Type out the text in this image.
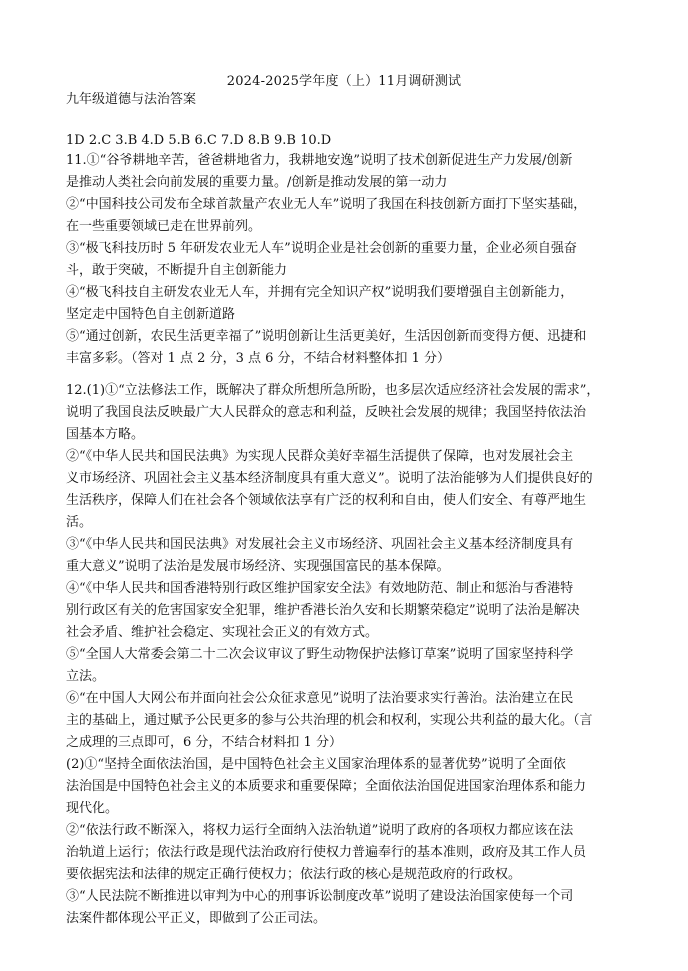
2024-2025学年度（上）11月调研测试
九年级道德与法治答案
1D 2.C 3.B 4.D 5.B 6.C 7.D 8.B 9.B 10.D
11.①“谷爷耕地辛苦，爸爸耕地省力，我耕地安逸”说明了技术创新促进生产力发展/创新
是推动人类社会向前发展的重要力量。/创新是推动发展的第一动力
②“中国科技公司发布全球首款量产农业无人车”说明了我国在科技创新方面打下坚实基础，
在一些重要领域已走在世界前列。
③“极飞科技历时 5 年研发农业无人车”说明企业是社会创新的重要力量，企业必须自强奋
斗，敢于突破，不断提升自主创新能力
④“极飞科技自主研发农业无人车，并拥有完全知识产权”说明我们要增强自主创新能力，
坚定走中国特色自主创新道路
⑤“通过创新，农民生活更幸福了”说明创新让生活更美好，生活因创新而变得方便、迅捷和
丰富多彩。（答对 1 点 2 分，3 点 6 分，不结合材料整体扣 1 分）
12.(1)①“立法修法工作，既解决了群众所想所急所盼，也多层次适应经济社会发展的需求”，
说明了我国良法反映最广大人民群众的意志和利益，反映社会发展的规律；我国坚持依法治
国基本方略。
②“《中华人民共和国民法典》为实现人民群众美好幸福生活提供了保障，也对发展社会主
义市场经济、巩固社会主义基本经济制度具有重大意义”。说明了法治能够为人们提供良好的
生活秩序，保障人们在社会各个领域依法享有广泛的权利和自由，使人们安全、有尊严地生
活。
③“《中华人民共和国民法典》对发展社会主义市场经济、巩固社会主义基本经济制度具有
重大意义”说明了法治是发展市场经济、实现强国富民的基本保障。
④“《中华人民共和国香港特别行政区维护国家安全法》有效地防范、制止和惩治与香港特
别行政区有关的危害国家安全犯罪，维护香港长治久安和长期繁荣稳定”说明了法治是解决
社会矛盾、维护社会稳定、实现社会正义的有效方式。
⑤“全国人大常委会第二十二次会议审议了野生动物保护法修订草案”说明了国家坚持科学
立法。
⑥“在中国人大网公布并面向社会公众征求意见”说明了法治要求实行善治。法治建立在民
主的基础上，通过赋予公民更多的参与公共治理的机会和权利，实现公共利益的最大化。（言
之成理的三点即可，6 分，不结合材料扣 1 分）
(2)①“坚持全面依法治国，是中国特色社会主义国家治理体系的显著优势”说明了全面依
法治国是中国特色社会主义的本质要求和重要保障；全面依法治国促进国家治理体系和能力
现代化。
②“依法行政不断深入，将权力运行全面纳入法治轨道”说明了政府的各项权力都应该在法
治轨道上运行；依法行政是现代法治政府行使权力普遍奉行的基本准则，政府及其工作人员
要依据宪法和法律的规定正确行使权力；依法行政的核心是规范政府的行政权。
③“人民法院不断推进以审判为中心的刑事诉讼制度改革”说明了建设法治国家使每一个司
法案件都体现公平正义，即做到了公正司法。
